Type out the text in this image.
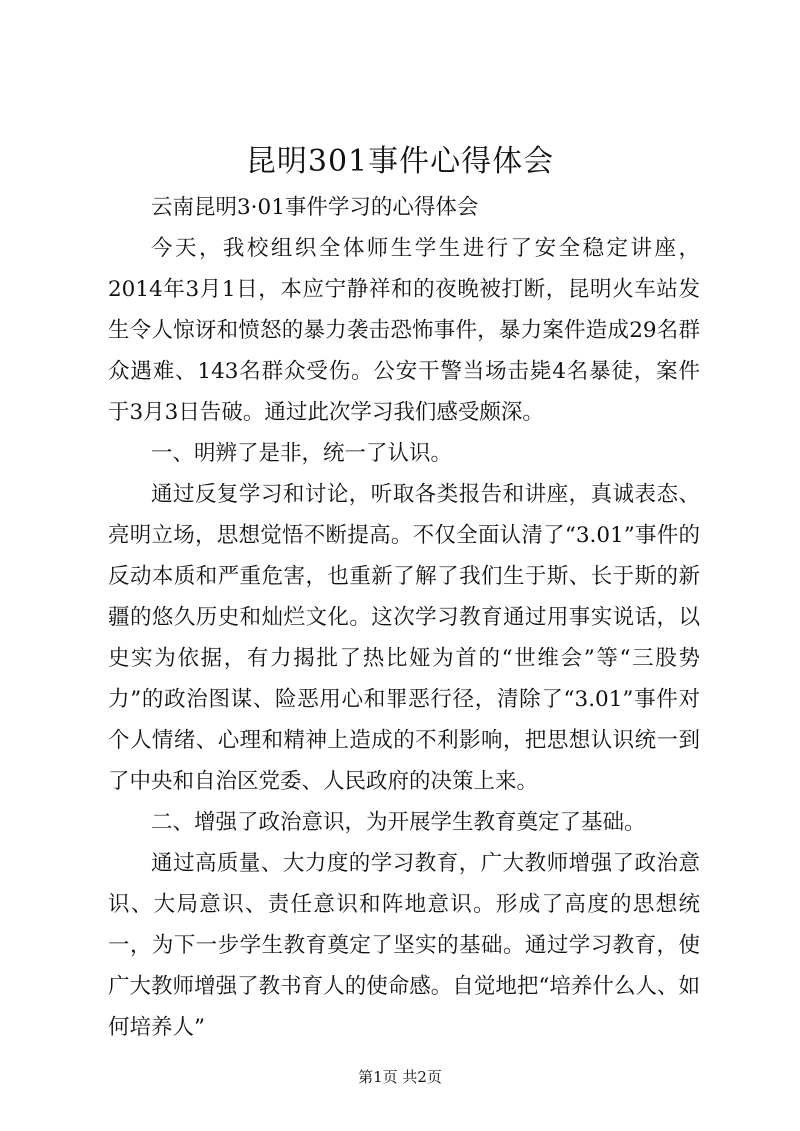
昆明301事件心得体会

云南昆明3·01事件学习的心得体会

今天，我校组织全体师生学生进行了安全稳定讲座，2014年3月1日，本应宁静祥和的夜晚被打断，昆明火车站发生令人惊讶和愤怒的暴力袭击恐怖事件，暴力案件造成29名群众遇难、143名群众受伤。公安干警当场击毙4名暴徒，案件于3月3日告破。通过此次学习我们感受颇深。

一、明辨了是非，统一了认识。

通过反复学习和讨论，听取各类报告和讲座，真诚表态、亮明立场，思想觉悟不断提高。不仅全面认清了“3.01”事件的反动本质和严重危害，也重新了解了我们生于斯、长于斯的新疆的悠久历史和灿烂文化。这次学习教育通过用事实说话，以史实为依据，有力揭批了热比娅为首的“世维会”等“三股势力”的政治图谋、险恶用心和罪恶行径，清除了“3.01”事件对个人情绪、心理和精神上造成的不利影响，把思想认识统一到了中央和自治区党委、人民政府的决策上来。

二、增强了政治意识，为开展学生教育奠定了基础。

通过高质量、大力度的学习教育，广大教师增强了政治意识、大局意识、责任意识和阵地意识。形成了高度的思想统一，为下一步学生教育奠定了坚实的基础。通过学习教育，使广大教师增强了教书育人的使命感。自觉地把“培养什么人、如何培养人”

第1页 共2页
